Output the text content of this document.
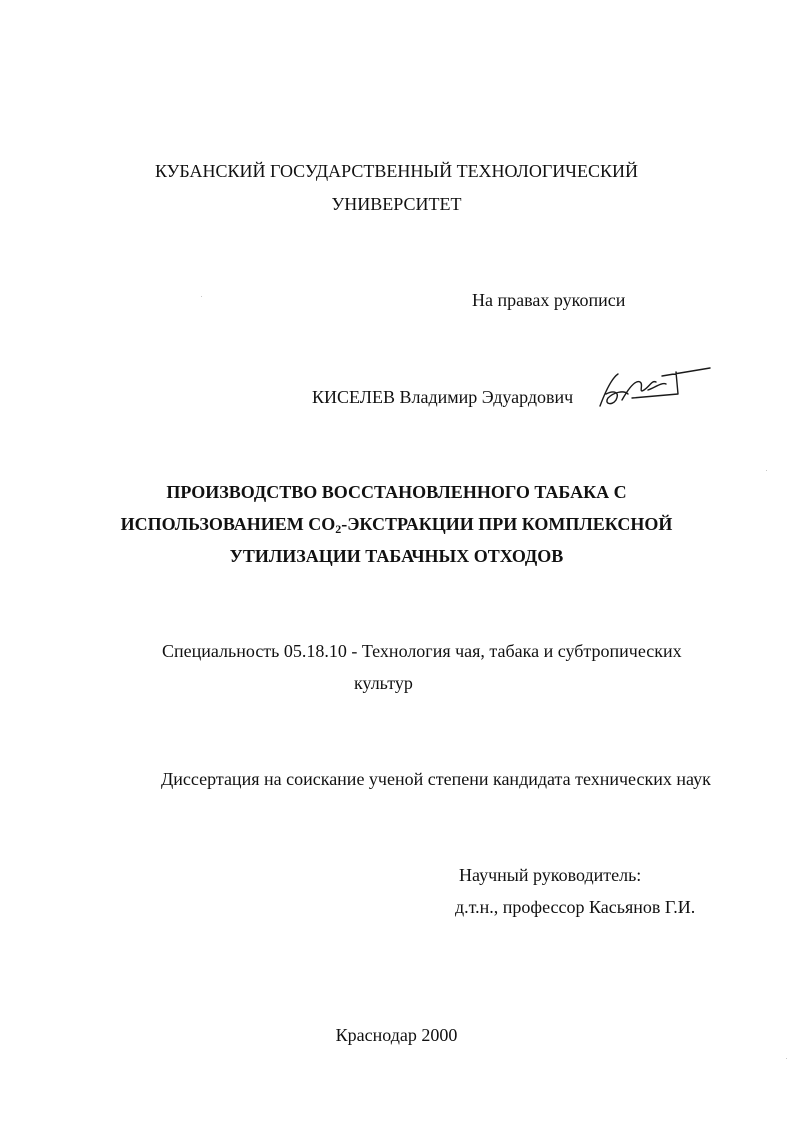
КУБАНСКИЙ ГОСУДАРСТВЕННЫЙ ТЕХНОЛОГИЧЕСКИЙ
УНИВЕРСИТЕТ
На правах рукописи
КИСЕЛЕВ Владимир Эдуардович
ПРОИЗВОДСТВО ВОССТАНОВЛЕННОГО ТАБАКА С
ИСПОЛЬЗОВАНИЕМ $СО_2$-ЭКСТРАКЦИИ ПРИ КОМПЛЕКСНОЙ
УТИЛИЗАЦИИ ТАБАЧНЫХ ОТХОДОВ
Специальность 05.18.10 - Технология чая, табака и субтропических
культур
Диссертация на соискание ученой степени кандидата технических наук
Научный руководитель:
д.т.н., профессор Касьянов Г.И.
Краснодар 2000
